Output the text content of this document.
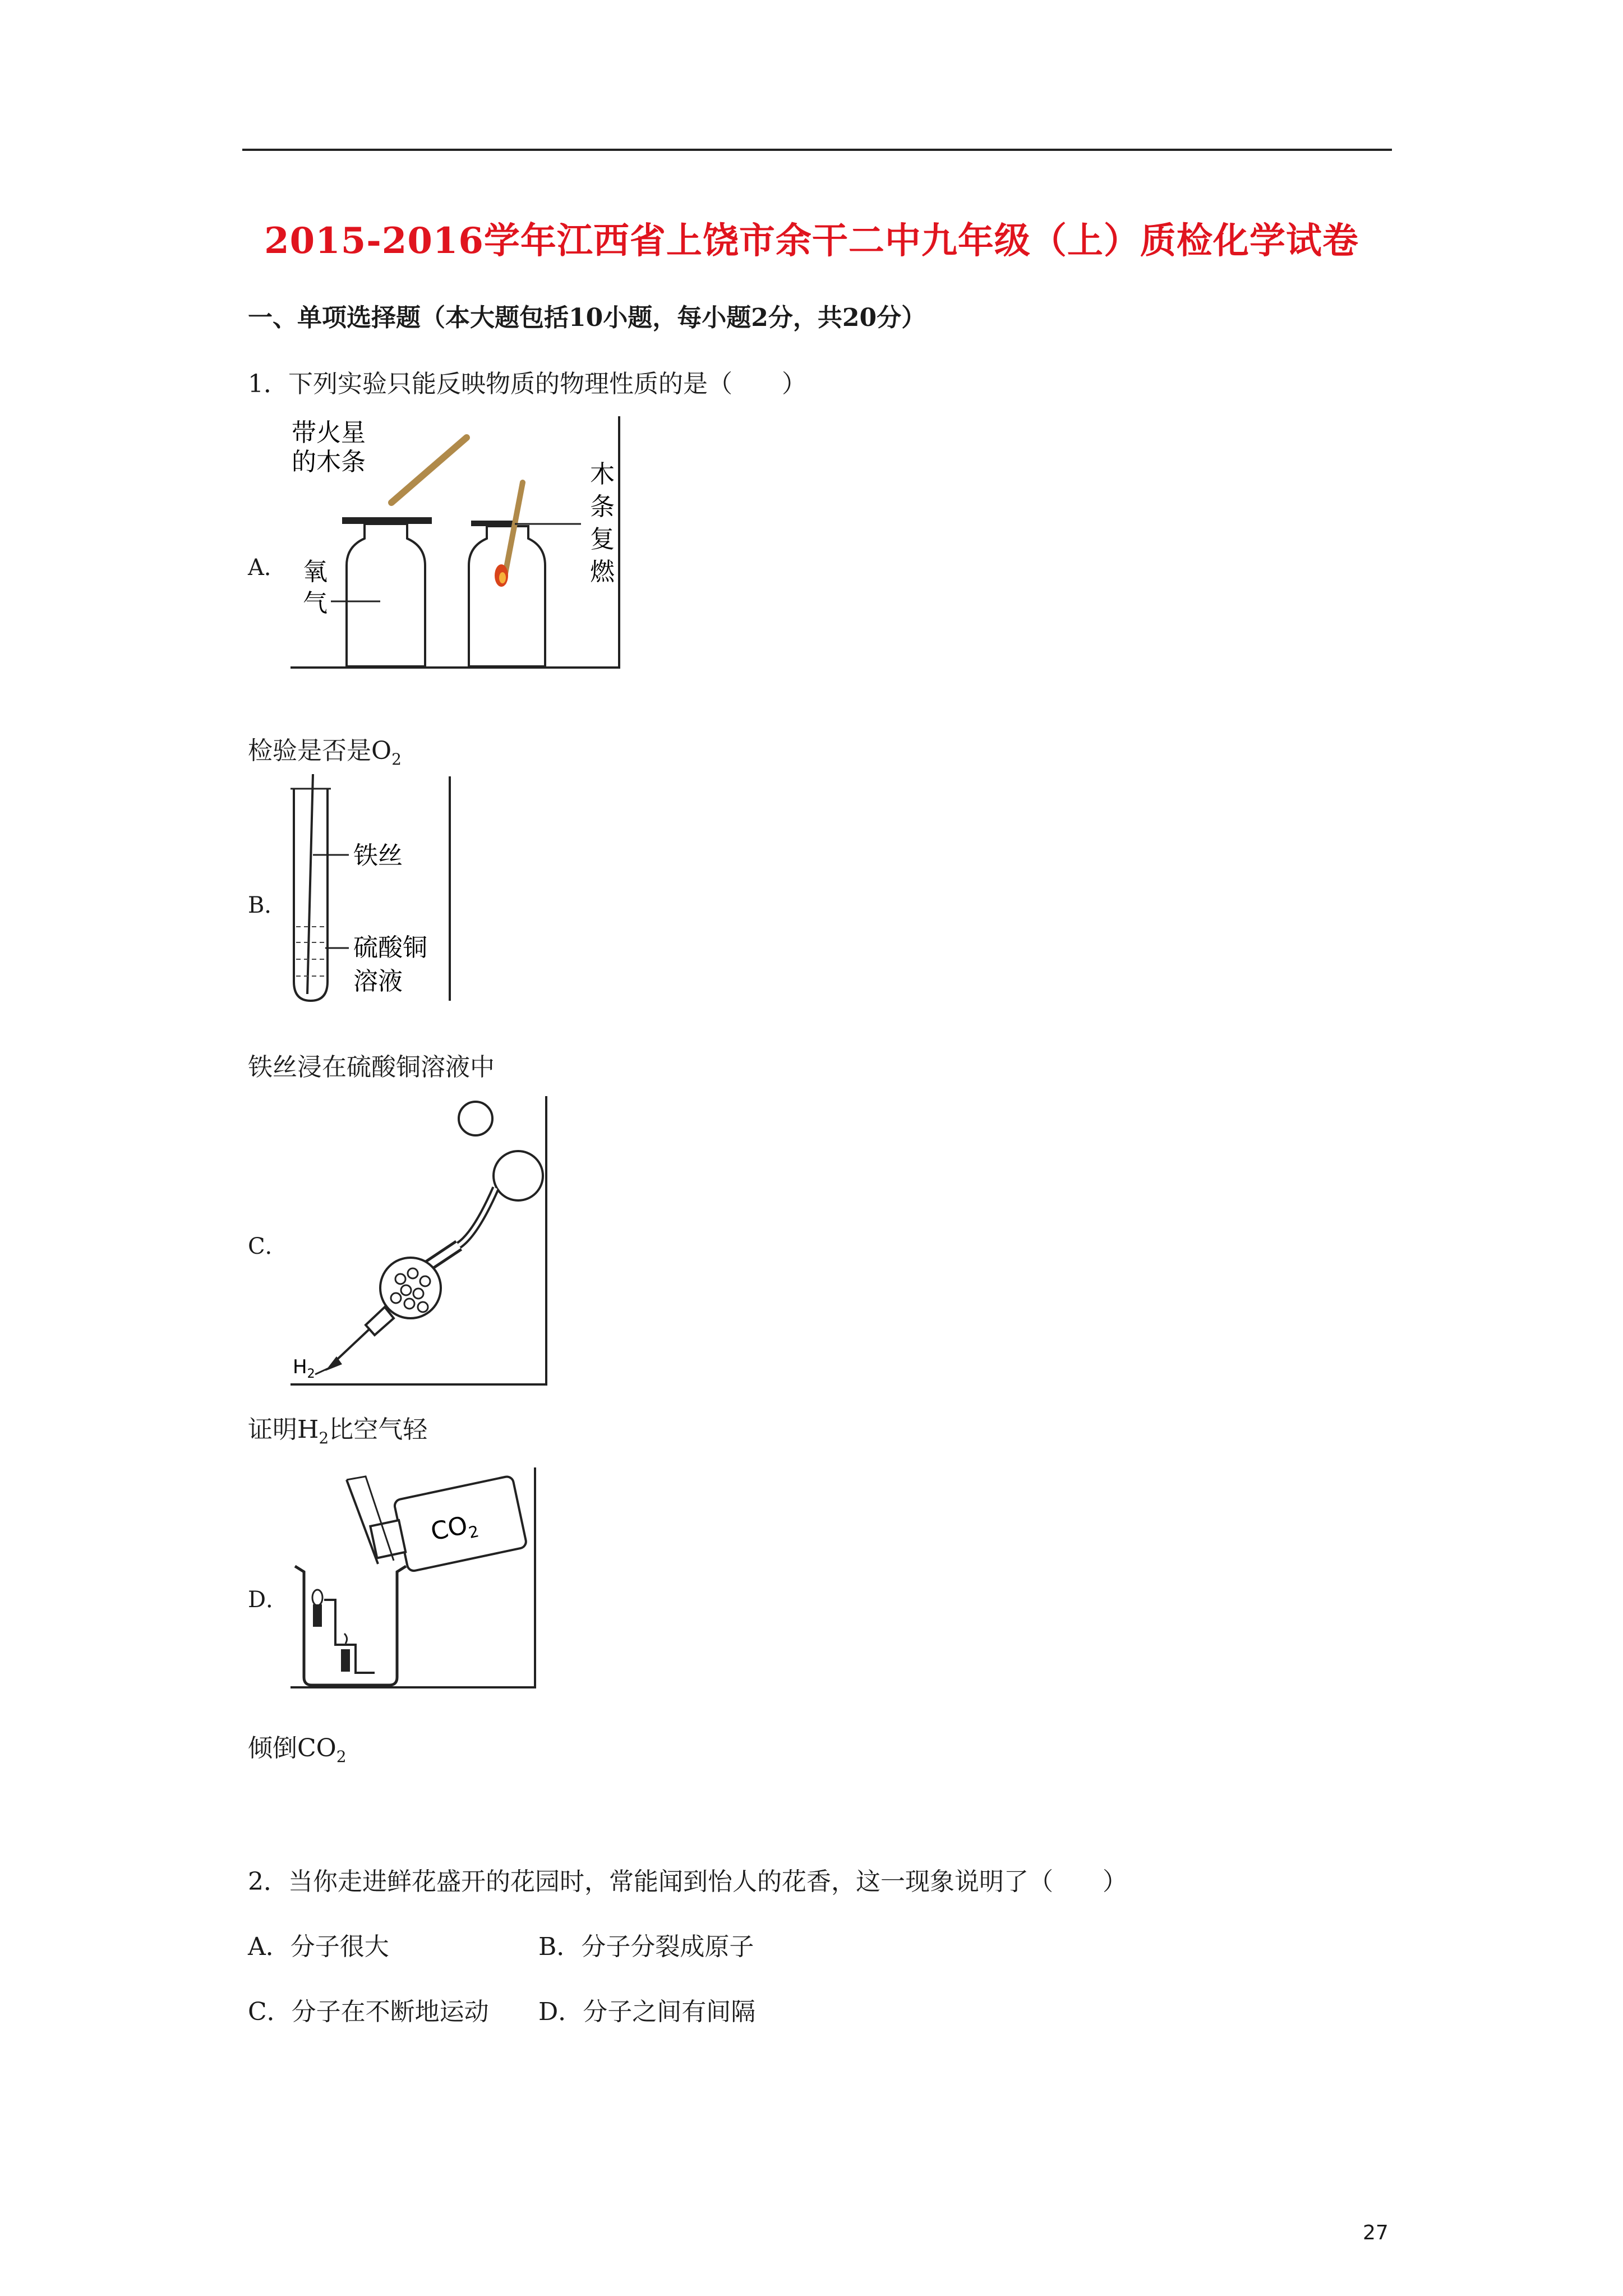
2015-2016学年江西省上饶市余干二中九年级（上）质检化学试卷
一、单项选择题（本大题包括10小题，每小题2分，共20分）
1．下列实验只能反映物质的物理性质的是（　　）
A．
带火星
的木条
氧
气
木
条
复
燃
检验是否是$O_2$
B．
铁丝
硫酸铜
溶液
铁丝浸在硫酸铜溶液中
C．
$H_2$
证明$H_2$比空气轻
D．
$CO_2$
倾倒$CO_2$
2．当你走进鲜花盛开的花园时，常能闻到怡人的花香，这一现象说明了（　　）
A．分子很大	B．分子分裂成原子
C．分子在不断地运动 D．分子之间有间隔
27
